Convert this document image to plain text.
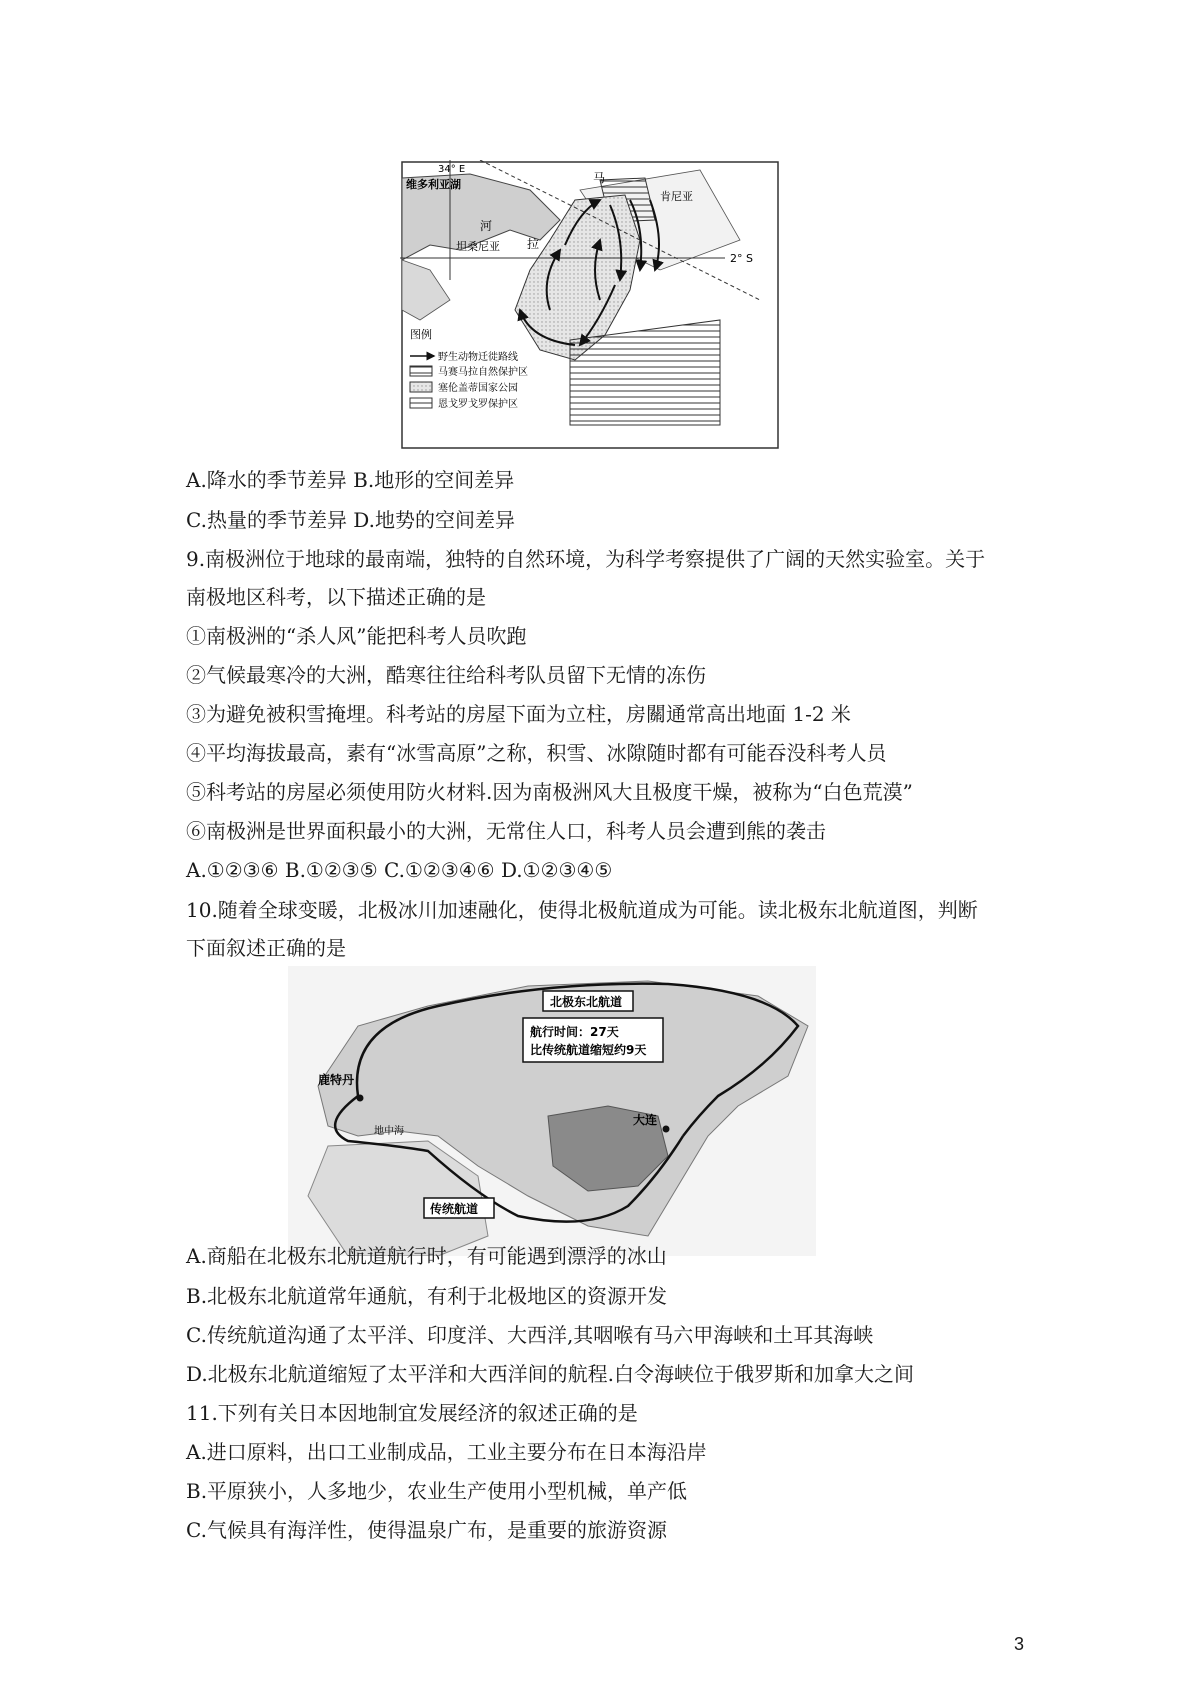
34° E
2° S
维多利亚湖
河
拉
马
肯尼亚
坦桑尼亚
图例
野生动物迁徙路线
马赛马拉自然保护区
塞伦盖蒂国家公园
恩戈罗戈罗保护区
A.降水的季节差异 B.地形的空间差异
C.热量的季节差异 D.地势的空间差异
9.南极洲位于地球的最南端，独特的自然环境，为科学考察提供了广阔的天然实验室。关于
南极地区科考，以下描述正确的是
①南极洲的“杀人风”能把科考人员吹跑
②气候最寒冷的大洲，酷寒往往给科考队员留下无情的冻伤
③为避免被积雪掩埋。科考站的房屋下面为立柱，房關通常高出地面 1-2 米
④平均海拔最高，素有“冰雪高原”之称，积雪、冰隙随时都有可能吞没科考人员
⑤科考站的房屋必须使用防火材料.因为南极洲风大且极度干燥，被称为“白色荒漠”
⑥南极洲是世界面积最小的大洲，无常住人口，科考人员会遭到熊的袭击
A.①②③⑥ B.①②③⑤ C.①②③④⑥ D.①②③④⑤
10.随着全球变暖，北极冰川加速融化，使得北极航道成为可能。读北极东北航道图，判断
下面叙述正确的是
北极东北航道
航行时间：27天
比传统航道缩短约9天
鹿特丹
地中海
大连
传统航道
A.商船在北极东北航道航行时，有可能遇到漂浮的冰山
B.北极东北航道常年通航，有利于北极地区的资源开发
C.传统航道沟通了太平洋、印度洋、大西洋,其咽喉有马六甲海峡和土耳其海峡
D.北极东北航道缩短了太平洋和大西洋间的航程.白令海峡位于俄罗斯和加拿大之间
11.下列有关日本因地制宜发展经济的叙述正确的是
A.进口原料，出口工业制成品，工业主要分布在日本海沿岸
B.平原狭小，人多地少，农业生产使用小型机械，单产低
C.气候具有海洋性，使得温泉广布，是重要的旅游资源
3
